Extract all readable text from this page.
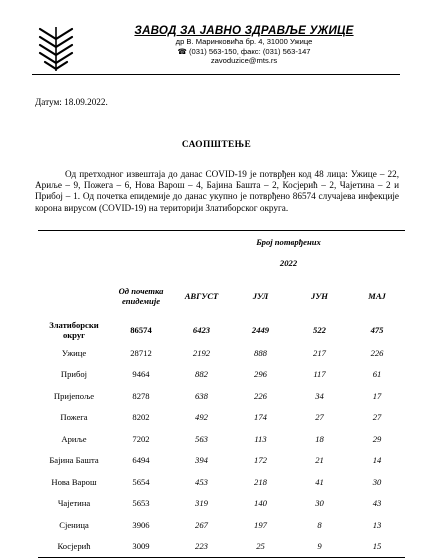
ЗАВОД ЗА ЈАВНО ЗДРАВЉЕ УЖИЦЕ
др В. Маринковића бр. 4, 31000 Ужице
☎ (031) 563-150, факс: (031) 563-147
zavoduzice@mts.rs
Датум: 18.09.2022.
САОПШТЕЊЕ
Од претходног извештаја до данас COVID-19 је потврђен код 48 лица: Ужице – 22, Ариље – 9, Пожега – 6, Нова Варош – 4, Бајина Башта – 2, Косјерић – 2, Чајетина – 2 и Прибој – 1. Од почетка епидемије до данас укупно је потврђено 86574 случајева инфекције корона вирусом (COVID-19) на територији Златиборског округа.
		Број потврђених			
		2022			
	Од почетка епидемије	АВГУСТ	ЈУЛ	ЈУН	МАЈ
Златиборски округ	86574	6423	2449	522	475
Ужице	28712	2192	888	217	226
Прибој	9464	882	296	117	61
Пријепоље	8278	638	226	34	17
Пожега	8202	492	174	27	27
Ариље	7202	563	113	18	29
Бајина Башта	6494	394	172	21	14
Нова Варош	5654	453	218	41	30
Чајетина	5653	319	140	30	43
Сјеница	3906	267	197	8	13
Косјерић	3009	223	25	9	15
